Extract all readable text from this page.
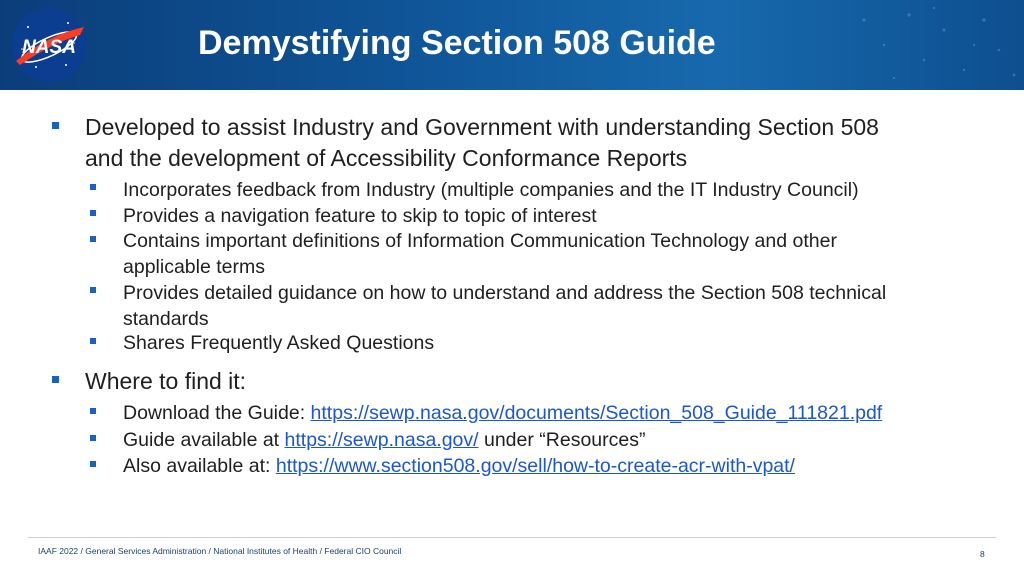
NASA	Demystifying Section 508 Guide
Developed to assist Industry and Government with understanding Section 508
and the development of Accessibility Conformance Reports
Incorporates feedback from Industry (multiple companies and the IT Industry Council)
Provides a navigation feature to skip to topic of interest
Contains important definitions of Information Communication Technology and other
applicable terms
Provides detailed guidance on how to understand and address the Section 508 technical
standards
Shares Frequently Asked Questions
Where to find it:
Download the Guide: https://sewp.nasa.gov/documents/Section_508_Guide_111821.pdf
Guide available at https://sewp.nasa.gov/ under “Resources”
Also available at: https://www.section508.gov/sell/how-to-create-acr-with-vpat/
IAAF 2022 / General Services Administration / National Institutes of Health / Federal CIO Council	8
